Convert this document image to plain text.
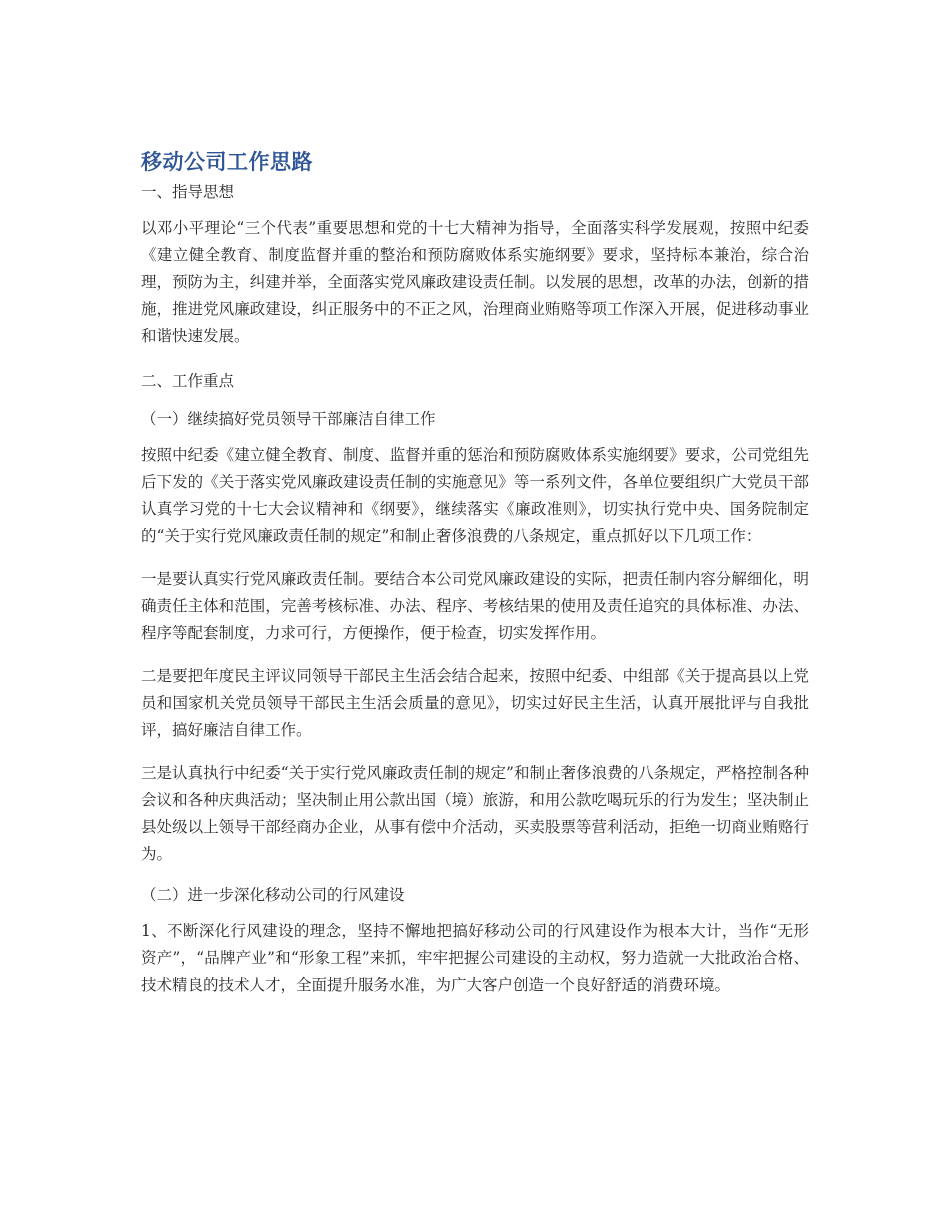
移动公司工作思路

一、指导思想

以邓小平理论“三个代表”重要思想和党的十七大精神为指导，全面落实科学发展观，按照中纪委《建立健全教育、制度监督并重的整治和预防腐败体系实施纲要》要求，坚持标本兼治，综合治理，预防为主，纠建并举，全面落实党风廉政建设责任制。以发展的思想，改革的办法，创新的措施，推进党风廉政建设，纠正服务中的不正之风，治理商业贿赂等项工作深入开展，促进移动事业和谐快速发展。

二、工作重点

（一）继续搞好党员领导干部廉洁自律工作

按照中纪委《建立健全教育、制度、监督并重的惩治和预防腐败体系实施纲要》要求，公司党组先后下发的《关于落实党风廉政建设责任制的实施意见》等一系列文件，各单位要组织广大党员干部认真学习党的十七大会议精神和《纲要》，继续落实《廉政准则》，切实执行党中央、国务院制定的“关于实行党风廉政责任制的规定”和制止奢侈浪费的八条规定，重点抓好以下几项工作：

一是要认真实行党风廉政责任制。要结合本公司党风廉政建设的实际，把责任制内容分解细化，明确责任主体和范围，完善考核标准、办法、程序、考核结果的使用及责任追究的具体标准、办法、程序等配套制度，力求可行，方便操作，便于检查，切实发挥作用。

二是要把年度民主评议同领导干部民主生活会结合起来，按照中纪委、中组部《关于提高县以上党员和国家机关党员领导干部民主生活会质量的意见》，切实过好民主生活，认真开展批评与自我批评，搞好廉洁自律工作。

三是认真执行中纪委“关于实行党风廉政责任制的规定”和制止奢侈浪费的八条规定，严格控制各种会议和各种庆典活动；坚决制止用公款出国（境）旅游，和用公款吃喝玩乐的行为发生；坚决制止县处级以上领导干部经商办企业，从事有偿中介活动，买卖股票等营利活动，拒绝一切商业贿赂行为。

（二）进一步深化移动公司的行风建设

1、不断深化行风建设的理念，坚持不懈地把搞好移动公司的行风建设作为根本大计，当作“无形资产”，“品牌产业”和“形象工程”来抓，牢牢把握公司建设的主动权，努力造就一大批政治合格、技术精良的技术人才，全面提升服务水准，为广大客户创造一个良好舒适的消费环境。
